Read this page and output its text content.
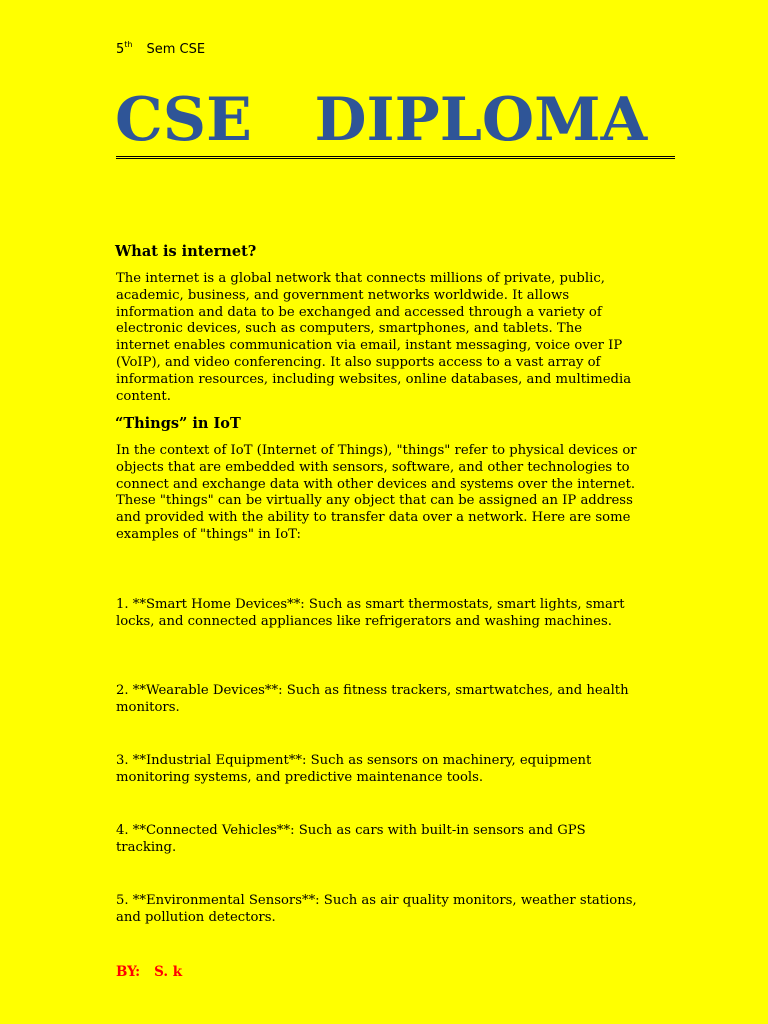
5th Sem CSE
CSE   DIPLOMA
What is internet?
The internet is a global network that connects millions of private, public, academic, business, and government networks worldwide. It allows information and data to be exchanged and accessed through a variety of electronic devices, such as computers, smartphones, and tablets. The internet enables communication via email, instant messaging, voice over IP (VoIP), and video conferencing. It also supports access to a vast array of information resources, including websites, online databases, and multimedia content.
“Things” in IoT
In the context of IoT (Internet of Things), "things" refer to physical devices or objects that are embedded with sensors, software, and other technologies to connect and exchange data with other devices and systems over the internet. These "things" can be virtually any object that can be assigned an IP address and provided with the ability to transfer data over a network. Here are some examples of "things" in IoT:
1. **Smart Home Devices**: Such as smart thermostats, smart lights, smart locks, and connected appliances like refrigerators and washing machines.
2. **Wearable Devices**: Such as fitness trackers, smartwatches, and health monitors.
3. **Industrial Equipment**: Such as sensors on machinery, equipment monitoring systems, and predictive maintenance tools.
4. **Connected Vehicles**: Such as cars with built-in sensors and GPS tracking.
5. **Environmental Sensors**: Such as air quality monitors, weather stations, and pollution detectors.
BY: S. k
